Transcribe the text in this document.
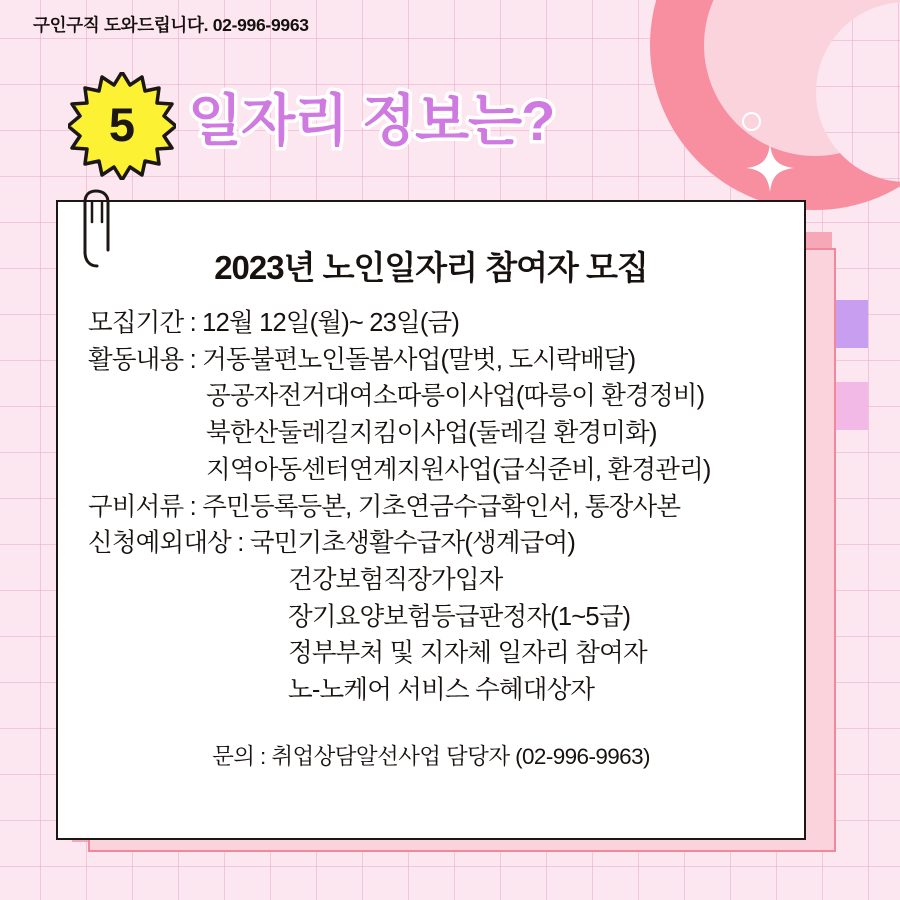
구인구직 도와드립니다. 02-996-9963
5 일자리 정보는?
2023년 노인일자리 참여자 모집
모집기간 : 12월 12일(월)~ 23일(금)
활동내용 : 거동불편노인돌봄사업(말벗, 도시락배달)
공공자전거대여소따릉이사업(따릉이 환경정비)
북한산둘레길지킴이사업(둘레길 환경미화)
지역아동센터연계지원사업(급식준비, 환경관리)
구비서류 : 주민등록등본, 기초연금수급확인서, 통장사본
신청예외대상 : 국민기초생활수급자(생계급여)
건강보험직장가입자
장기요양보험등급판정자(1~5급)
정부부처 및 지자체 일자리 참여자
노-노케어 서비스 수혜대상자
문의 : 취업상담알선사업 담당자 (02-996-9963)
